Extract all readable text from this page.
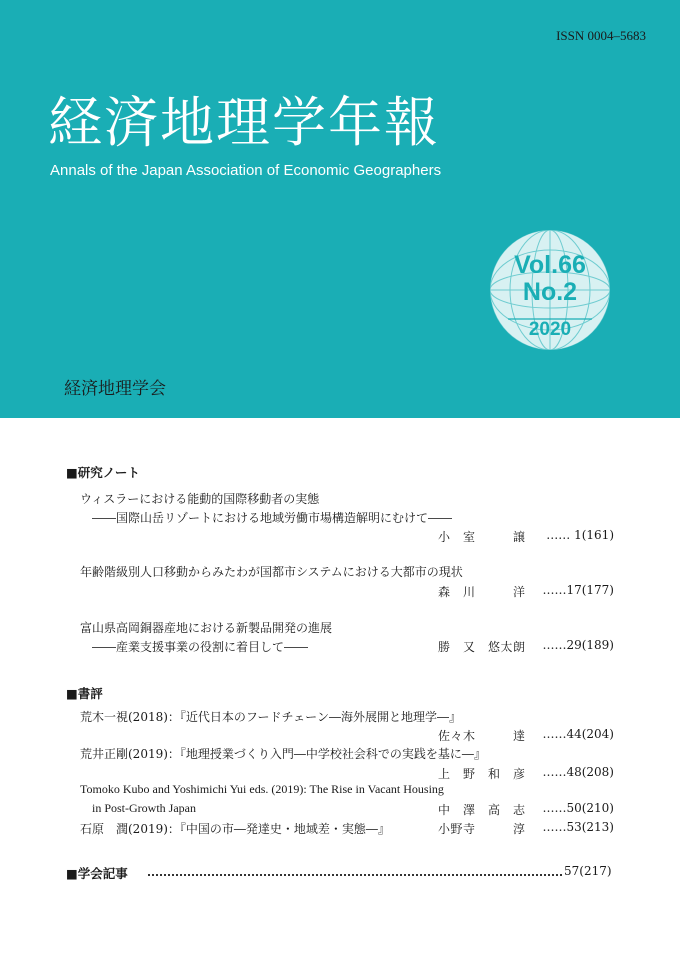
ISSN 0004‒5683
経済地理学年報
Annals of the Japan Association of Economic Geographers
Vol.66
No.2
2020
経済地理学会
■研究ノート
ウィスラーにおける能動的国際移動者の実態
――国際山岳リゾートにおける地域労働市場構造解明にむけて――
小　室　　　譲	…… 1(161)
年齢階級別人口移動からみたわが国都市システムにおける大都市の現状
森　川　　　洋	……17(177)
富山県高岡銅器産地における新製品開発の進展
――産業支援事業の役割に着目して――	勝　又　悠太朗	……29(189)
■書評
荒木一視(2018)：『近代日本のフードチェーン―海外展開と地理学―』
佐々木　　　達	……44(204)
荒井正剛(2019)：『地理授業づくり入門―中学校社会科での実践を基に―』
上　野　和　彦	……48(208)
Tomoko Kubo and Yoshimichi Yui eds. (2019): The Rise in Vacant Housing
in Post-Growth Japan	中　澤　高　志	……50(210)
石原　潤(2019)：『中国の市―発達史・地域差・実態―』	小野寺　　　淳	……53(213)
■学会記事	57(217)
